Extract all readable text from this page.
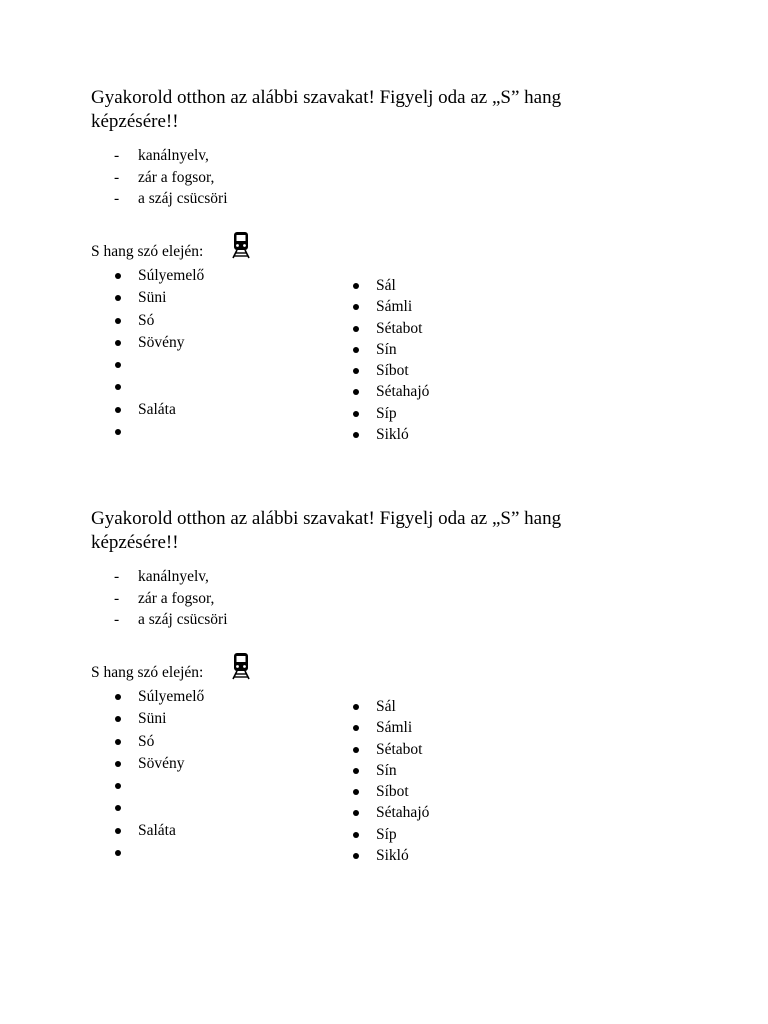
Gyakorold otthon az alábbi szavakat! Figyelj oda az „S” hang képzésére!!
- kanálnyelv,
- zár a fogsor,
- a száj csücsöri
S hang szó elején:
Súlyemelő
Süni
Só
Sövény
Saláta
Sál
Sámli
Sétabot
Sín
Síbot
Sétahajó
Síp
Sikló
Gyakorold otthon az alábbi szavakat! Figyelj oda az „S” hang képzésére!!
- kanálnyelv,
- zár a fogsor,
- a száj csücsöri
S hang szó elején:
Súlyemelő
Süni
Só
Sövény
Saláta
Sál
Sámli
Sétabot
Sín
Síbot
Sétahajó
Síp
Sikló
